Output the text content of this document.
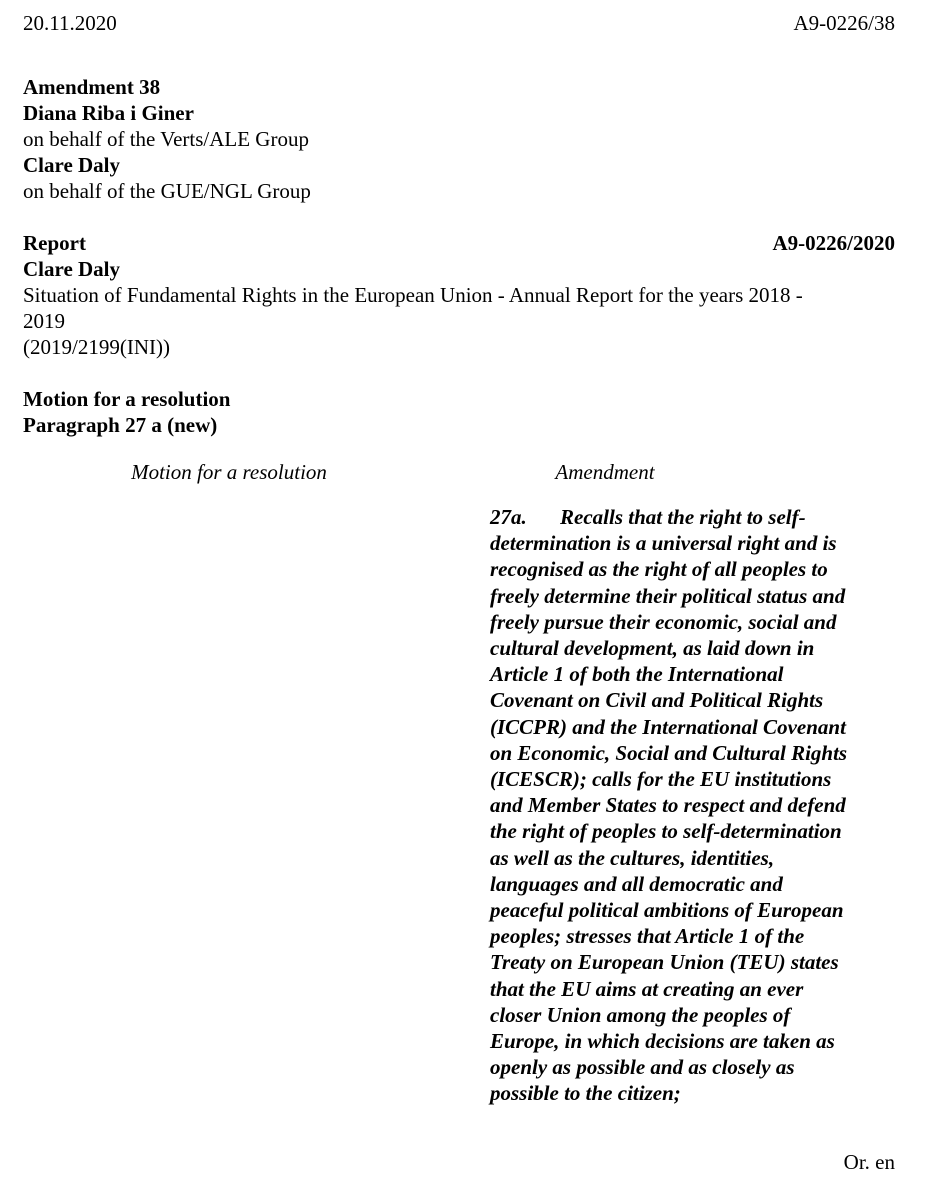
20.11.2020	A9-0226/38
Amendment 38
Diana Riba i Giner
on behalf of the Verts/ALE Group
Clare Daly
on behalf of the GUE/NGL Group
Report	A9-0226/2020
Clare Daly
Situation of Fundamental Rights in the European Union - Annual Report for the years 2018 -
2019
(2019/2199(INI))
Motion for a resolution
Paragraph 27 a (new)
Motion for a resolution	Amendment
27a. Recalls that the right to self-
determination is a universal right and is
recognised as the right of all peoples to
freely determine their political status and
freely pursue their economic, social and
cultural development, as laid down in
Article 1 of both the International
Covenant on Civil and Political Rights
(ICCPR) and the International Covenant
on Economic, Social and Cultural Rights
(ICESCR); calls for the EU institutions
and Member States to respect and defend
the right of peoples to self-determination
as well as the cultures, identities,
languages and all democratic and
peaceful political ambitions of European
peoples; stresses that Article 1 of the
Treaty on European Union (TEU) states
that the EU aims at creating an ever
closer Union among the peoples of
Europe, in which decisions are taken as
openly as possible and as closely as
possible to the citizen;
Or. en
